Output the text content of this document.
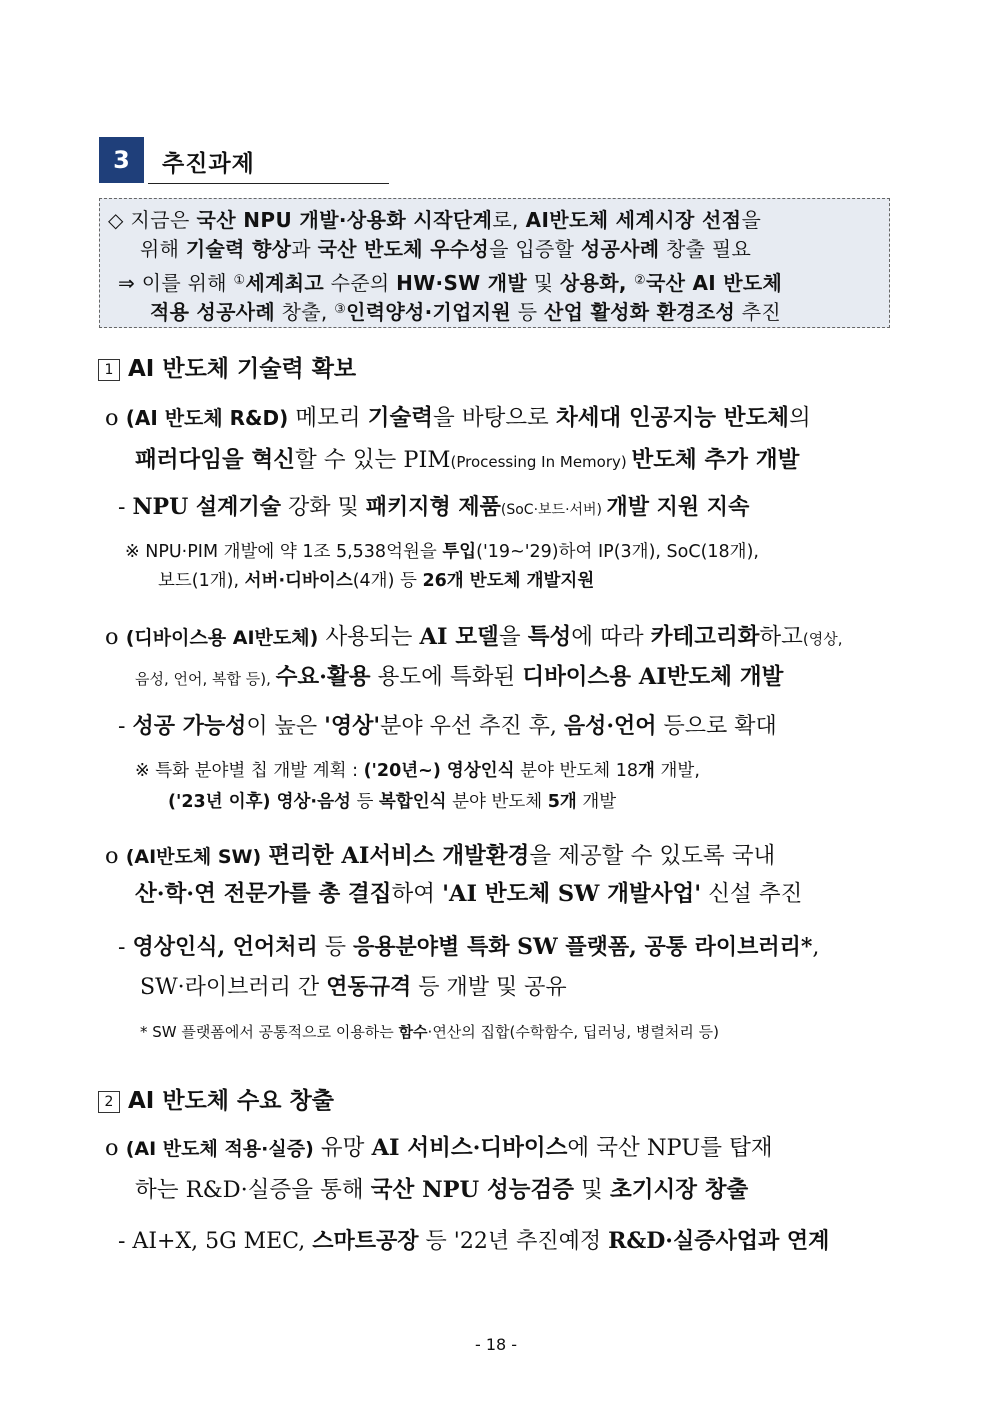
3 추진과제
◇ 지금은 국산 NPU 개발·상용화 시작단계로, AI반도체 세계시장 선점을
위해 기술력 향상과 국산 반도체 우수성을 입증할 성공사례 창출 필요
⇒ 이를 위해 ①세계최고 수준의 HW·SW 개발 및 상용화, ②국산 AI 반도체
적용 성공사례 창출, ③인력양성·기업지원 등 산업 활성화 환경조성 추진
1 AI 반도체 기술력 확보
o (AI 반도체 R&D) 메모리 기술력을 바탕으로 차세대 인공지능 반도체의
패러다임을 혁신할 수 있는 PIM(Processing In Memory) 반도체 추가 개발
- NPU 설계기술 강화 및 패키지형 제품(SoC·보드·서버) 개발 지원 지속
※ NPU·PIM 개발에 약 1조 5,538억원을 투입('19~'29)하여 IP(3개), SoC(18개),
보드(1개), 서버·디바이스(4개) 등 26개 반도체 개발지원
o (디바이스용 AI반도체) 사용되는 AI 모델을 특성에 따라 카테고리화하고(영상,
음성, 언어, 복합 등), 수요·활용 용도에 특화된 디바이스용 AI반도체 개발
- 성공 가능성이 높은 '영상'분야 우선 추진 후, 음성·언어 등으로 확대
※ 특화 분야별 칩 개발 계획 : ('20년~) 영상인식 분야 반도체 18개 개발,
('23년 이후) 영상·음성 등 복합인식 분야 반도체 5개 개발
o (AI반도체 SW) 편리한 AI서비스 개발환경을 제공할 수 있도록 국내
산·학·연 전문가를 총 결집하여 'AI 반도체 SW 개발사업' 신설 추진
- 영상인식, 언어처리 등 응용분야별 특화 SW 플랫폼, 공통 라이브러리*,
SW·라이브러리 간 연동규격 등 개발 및 공유
* SW 플랫폼에서 공통적으로 이용하는 함수·연산의 집합(수학함수, 딥러닝, 병렬처리 등)
2 AI 반도체 수요 창출
o (AI 반도체 적용·실증) 유망 AI 서비스·디바이스에 국산 NPU를 탑재
하는 R&D·실증을 통해 국산 NPU 성능검증 및 초기시장 창출
- AI+X, 5G MEC, 스마트공장 등 '22년 추진예정 R&D·실증사업과 연계
- 18 -
